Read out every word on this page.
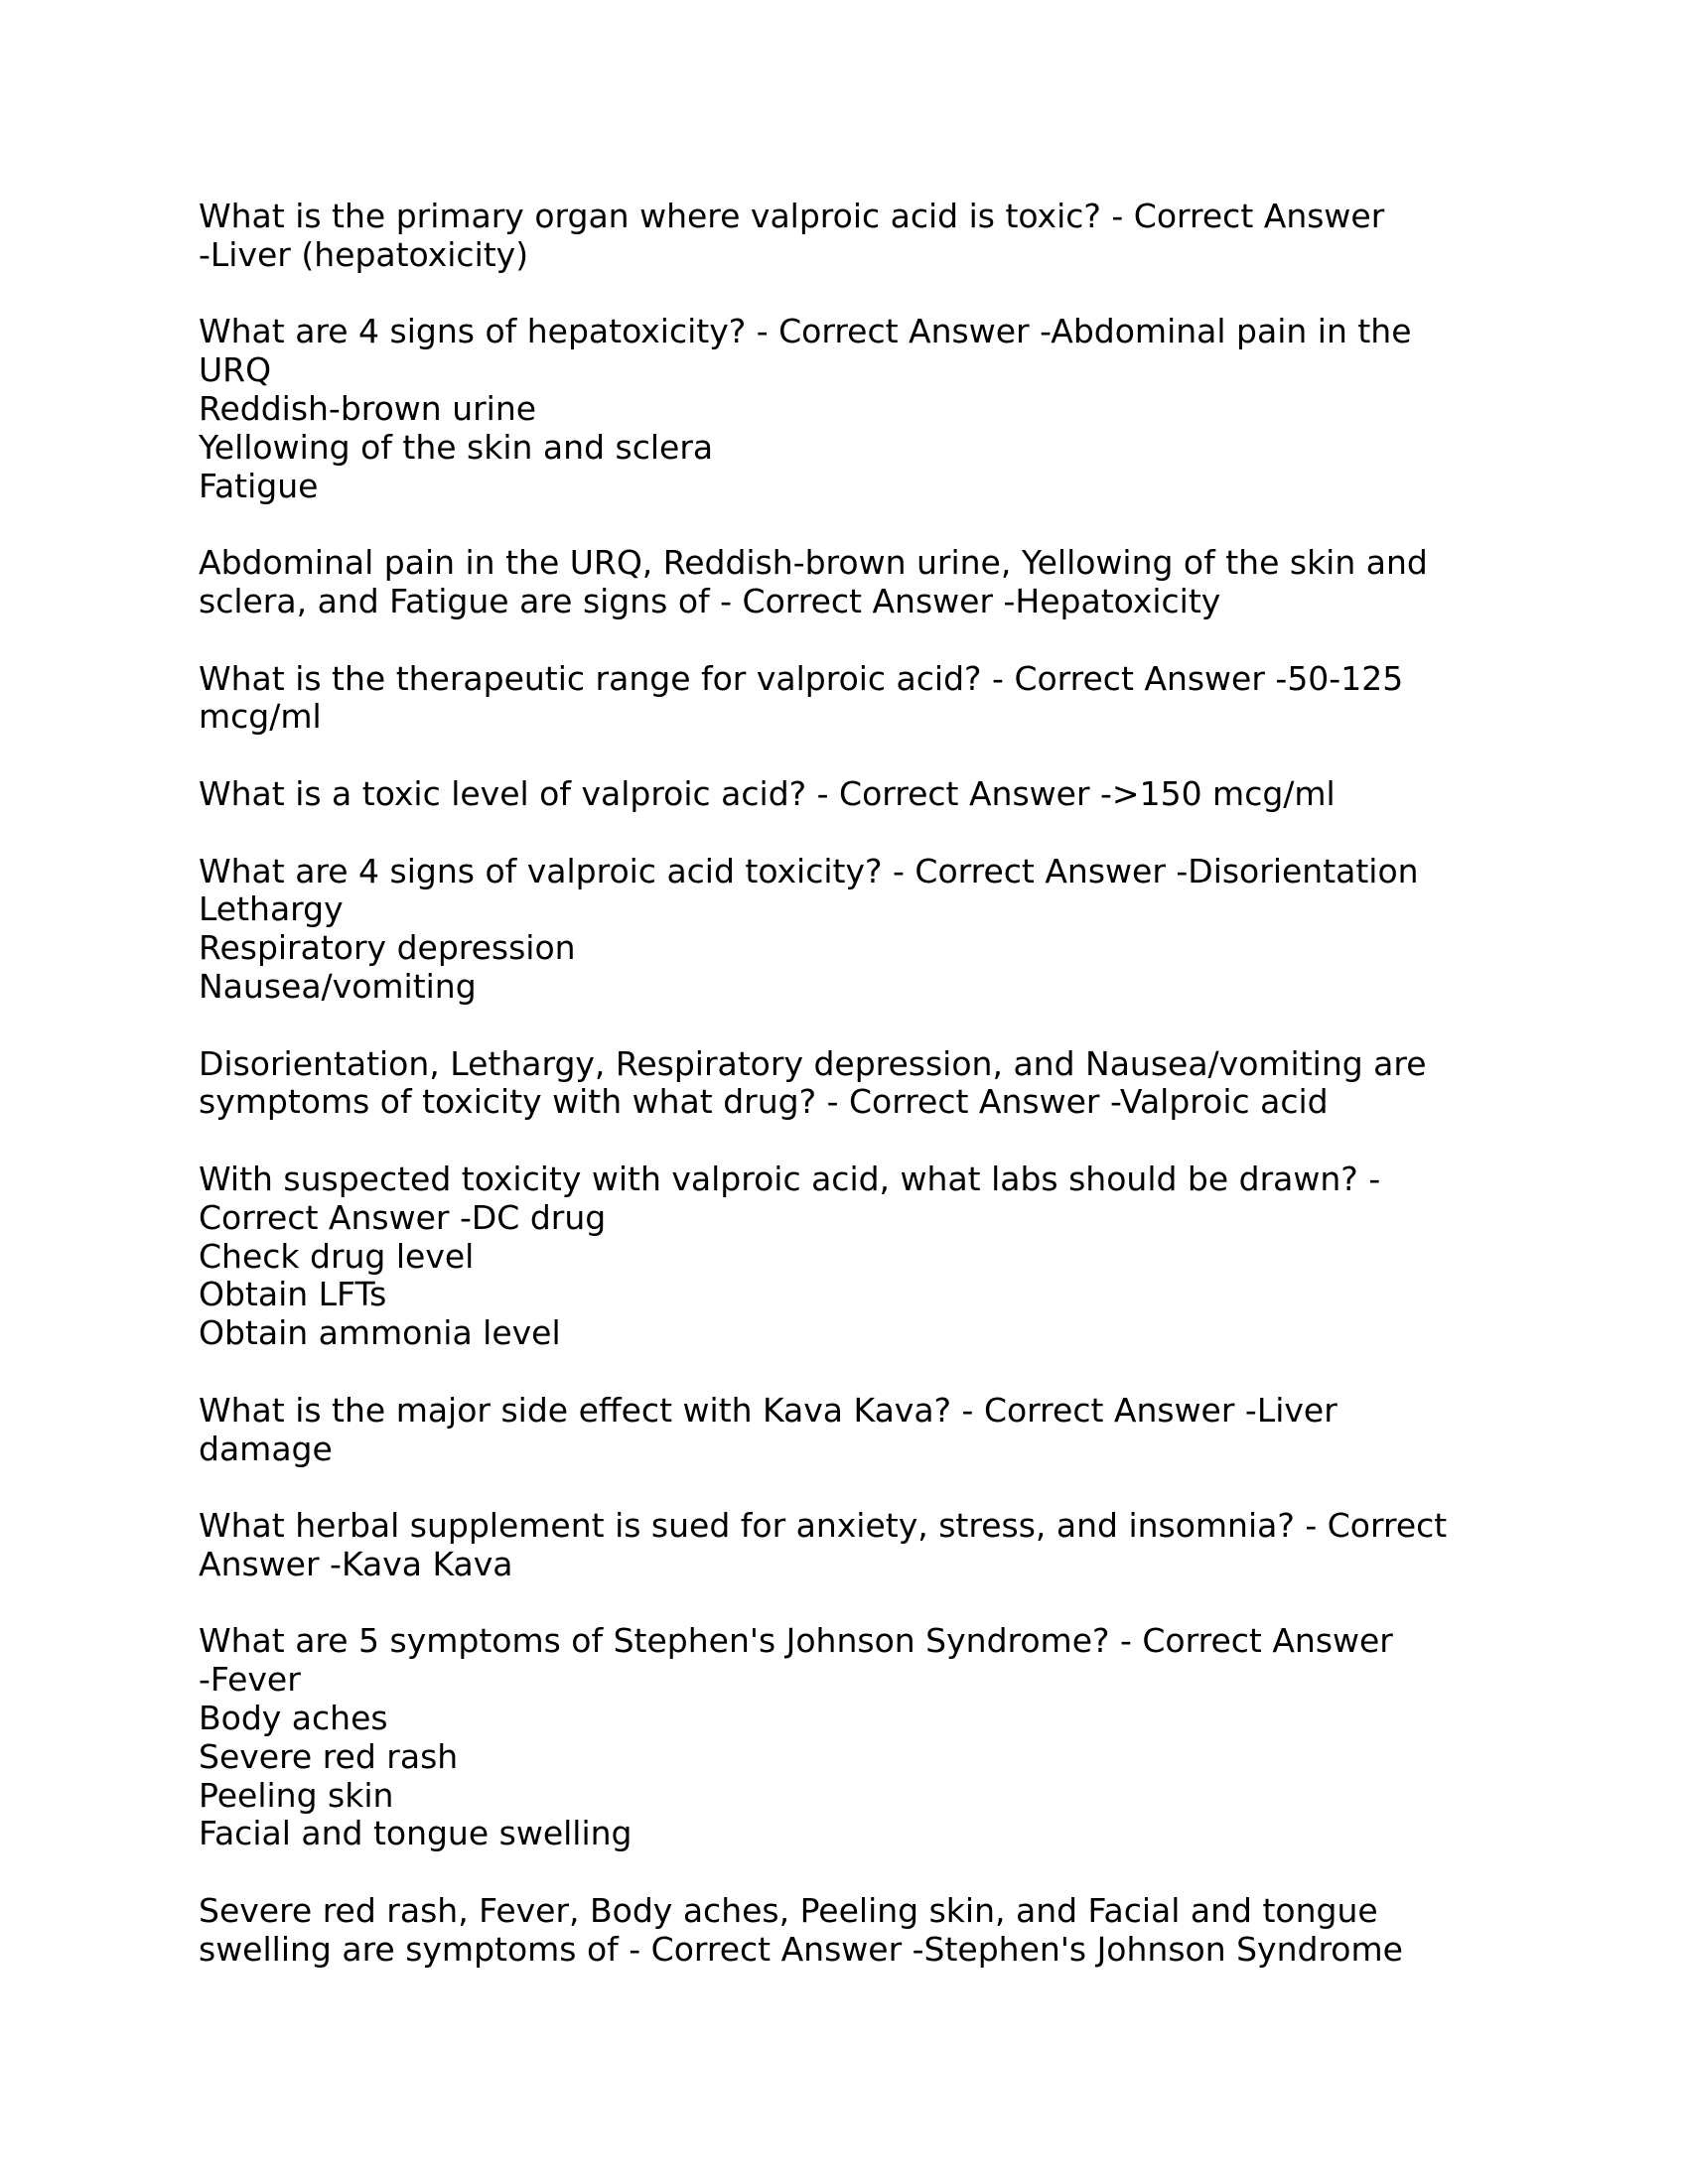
What is the primary organ where valproic acid is toxic? - Correct Answer
-Liver (hepatoxicity)
What are 4 signs of hepatoxicity? - Correct Answer -Abdominal pain in the
URQ
Reddish-brown urine
Yellowing of the skin and sclera
Fatigue
Abdominal pain in the URQ, Reddish-brown urine, Yellowing of the skin and
sclera, and Fatigue are signs of - Correct Answer -Hepatoxicity
What is the therapeutic range for valproic acid? - Correct Answer -50-125
mcg/ml
What is a toxic level of valproic acid? - Correct Answer ->150 mcg/ml
What are 4 signs of valproic acid toxicity? - Correct Answer -Disorientation
Lethargy
Respiratory depression
Nausea/vomiting
Disorientation, Lethargy, Respiratory depression, and Nausea/vomiting are
symptoms of toxicity with what drug? - Correct Answer -Valproic acid
With suspected toxicity with valproic acid, what labs should be drawn? -
Correct Answer -DC drug
Check drug level
Obtain LFTs
Obtain ammonia level
What is the major side effect with Kava Kava? - Correct Answer -Liver
damage
What herbal supplement is sued for anxiety, stress, and insomnia? - Correct
Answer -Kava Kava
What are 5 symptoms of Stephen's Johnson Syndrome? - Correct Answer
-Fever
Body aches
Severe red rash
Peeling skin
Facial and tongue swelling
Severe red rash, Fever, Body aches, Peeling skin, and Facial and tongue
swelling are symptoms of - Correct Answer -Stephen's Johnson Syndrome
